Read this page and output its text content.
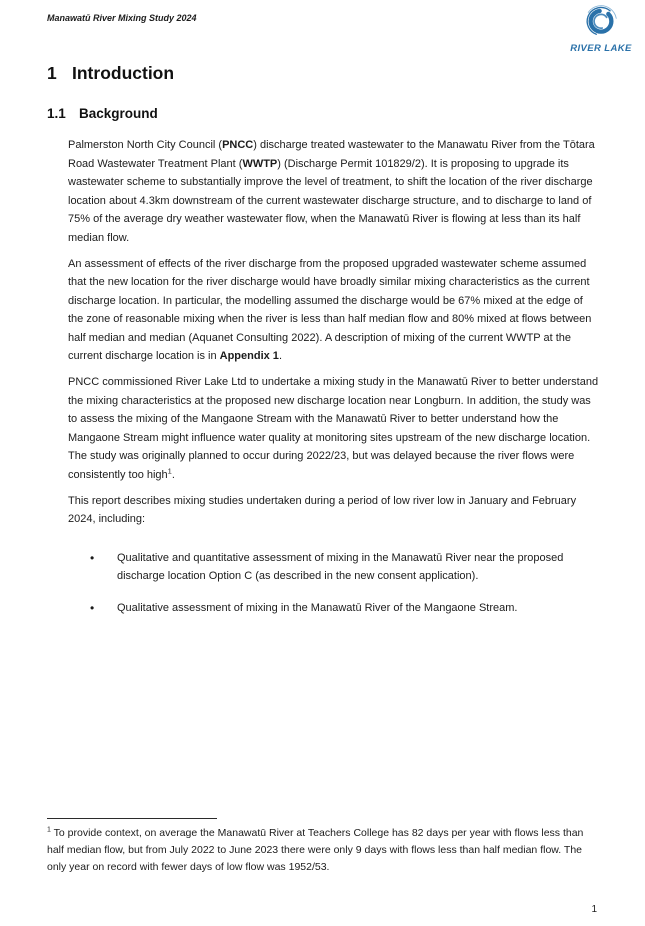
Manawatū River Mixing Study 2024
RIVER LAKE
1 Introduction
1.1 Background

Palmerston North City Council (PNCC) discharge treated wastewater to the Manawatu River from the Tōtara Road Wastewater Treatment Plant (WWTP) (Discharge Permit 101829/2). It is proposing to upgrade its wastewater scheme to substantially improve the level of treatment, to shift the location of the river discharge location about 4.3km downstream of the current wastewater discharge structure, and to discharge to land of 75% of the average dry weather wastewater flow, when the Manawatū River is flowing at less than its half median flow.

An assessment of effects of the river discharge from the proposed upgraded wastewater scheme assumed that the new location for the river discharge would have broadly similar mixing characteristics as the current discharge location. In particular, the modelling assumed the discharge would be 67% mixed at the edge of the zone of reasonable mixing when the river is less than half median flow and 80% mixed at flows between half median and median (Aquanet Consulting 2022). A description of mixing of the current WWTP at the current discharge location is in Appendix 1.

PNCC commissioned River Lake Ltd to undertake a mixing study in the Manawatū River to better understand the mixing characteristics at the proposed new discharge location near Longburn. In addition, the study was to assess the mixing of the Mangaone Stream with the Manawatū River to better understand how the Mangaone Stream might influence water quality at monitoring sites upstream of the new discharge location. The study was originally planned to occur during 2022/23, but was delayed because the river flows were consistently too high$^1$.

This report describes mixing studies undertaken during a period of low river low in January and February 2024, including:

• Qualitative and quantitative assessment of mixing in the Manawatū River near the proposed discharge location Option C (as described in the new consent application).
• Qualitative assessment of mixing in the Manawatū River of the Mangaone Stream.
$^1$ To provide context, on average the Manawatū River at Teachers College has 82 days per year with flows less than half median flow, but from July 2022 to June 2023 there were only 9 days with flows less than half median flow. The only year on record with fewer days of low flow was 1952/53.
1
